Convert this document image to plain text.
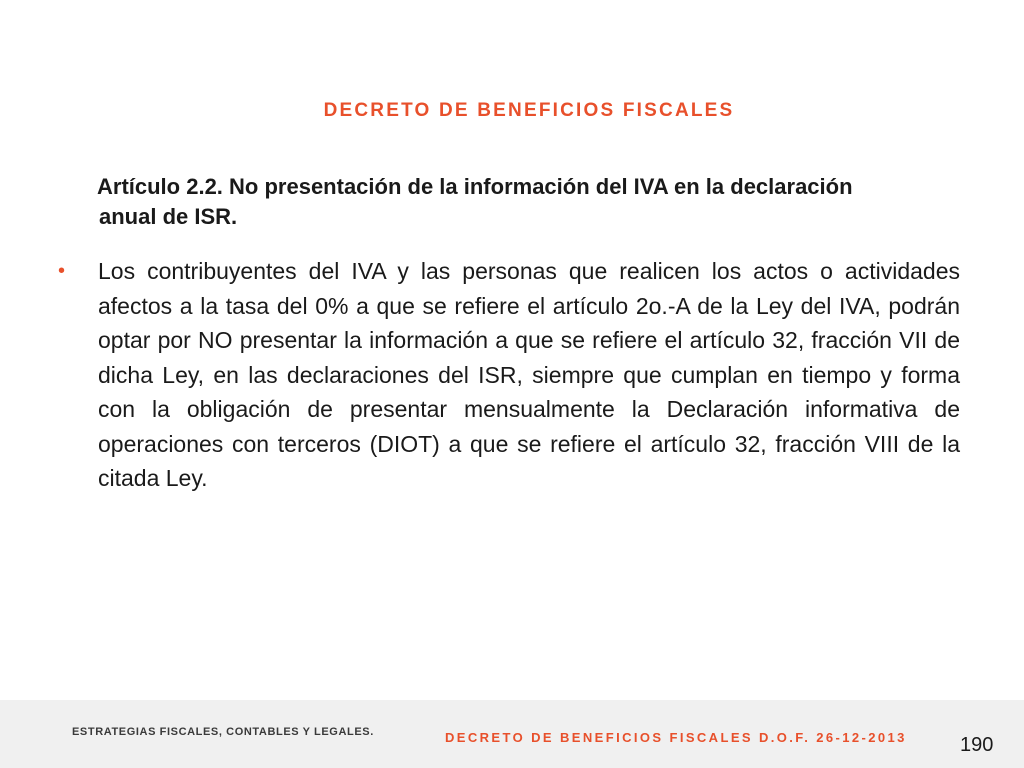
DECRETO DE BENEFICIOS FISCALES
Artículo 2.2. No presentación de la información del IVA en la declaración
anual de ISR.
• Los contribuyentes del IVA y las personas que realicen los actos o actividades afectos a la tasa del 0% a que se refiere el artículo 2o.-A de la Ley del IVA, podrán optar por NO presentar la información a que se refiere el artículo 32, fracción VII de dicha Ley, en las declaraciones del ISR, siempre que cumplan en tiempo y forma con la obligación de presentar mensualmente la Declaración informativa de operaciones con terceros (DIOT) a que se refiere el artículo 32, fracción VIII de la citada Ley.
ESTRATEGIAS FISCALES, CONTABLES Y LEGALES.	DECRETO DE BENEFICIOS FISCALES D.O.F. 26-12-2013	190
